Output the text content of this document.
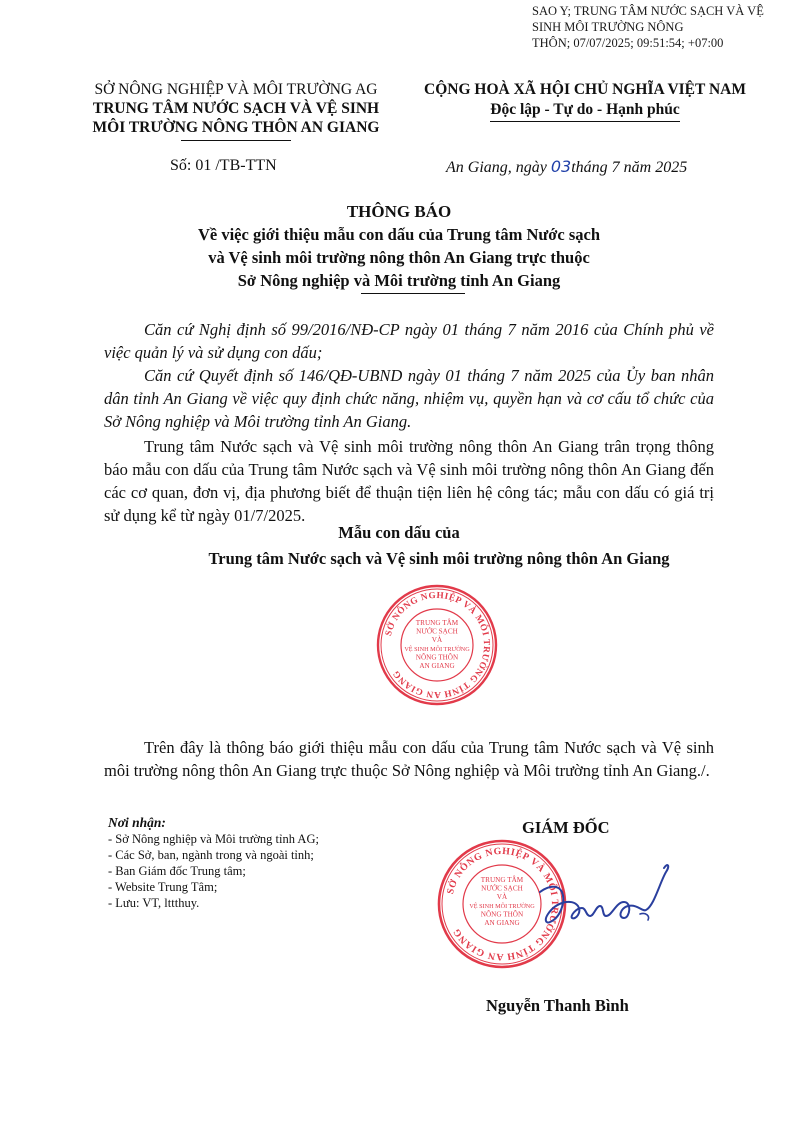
SAO Y; TRUNG TÂM NƯỚC SẠCH VÀ VỆ SINH MÔI TRƯỜNG NÔNG
THÔN; 07/07/2025; 09:51:54; +07:00
SỞ NÔNG NGHIỆP VÀ MÔI TRƯỜNG AG
TRUNG TÂM NƯỚC SẠCH VÀ VỆ SINH
MÔI TRƯỜNG NÔNG THÔN AN GIANG
CỘNG HOÀ XÃ HỘI CHỦ NGHĨA VIỆT NAM
Độc lập - Tự do - Hạnh phúc
Số: 01 /TB-TTN	An Giang, ngày 03tháng 7 năm 2025
THÔNG BÁO
Về việc giới thiệu mẫu con dấu của Trung tâm Nước sạch
và Vệ sinh môi trường nông thôn An Giang trực thuộc
Sở Nông nghiệp và Môi trường tỉnh An Giang
Căn cứ Nghị định số 99/2016/NĐ-CP ngày 01 tháng 7 năm 2016 của Chính phủ về việc quản lý và sử dụng con dấu;
Căn cứ Quyết định số 146/QĐ-UBND ngày 01 tháng 7 năm 2025 của Ủy ban nhân dân tỉnh An Giang về việc quy định chức năng, nhiệm vụ, quyền hạn và cơ cấu tổ chức của Sở Nông nghiệp và Môi trường tỉnh An Giang.
Trung tâm Nước sạch và Vệ sinh môi trường nông thôn An Giang trân trọng thông báo mẫu con dấu của Trung tâm Nước sạch và Vệ sinh môi trường nông thôn An Giang đến các cơ quan, đơn vị, địa phương biết để thuận tiện liên hệ công tác; mẫu con dấu có giá trị sử dụng kể từ ngày 01/7/2025.
Mẫu con dấu của
Trung tâm Nước sạch và Vệ sinh môi trường nông thôn An Giang
SỞ NÔNG NGHIỆP VÀ MÔI TRƯỜNG TỈNH AN GIANG
TRUNG TÂM
NƯỚC SẠCH
VÀ
VỆ SINH MÔI TRƯỜNG
NÔNG THÔN
AN GIANG
Trên đây là thông báo giới thiệu mẫu con dấu của Trung tâm Nước sạch và Vệ sinh môi trường nông thôn An Giang trực thuộc Sở Nông nghiệp và Môi trường tỉnh An Giang./.
Nơi nhận:
- Sở Nông nghiệp và Môi trường tỉnh AG;
- Các Sở, ban, ngành trong và ngoài tỉnh;
- Ban Giám đốc Trung tâm;
- Website Trung Tâm;
- Lưu: VT, lttthuy.
GIÁM ĐỐC
SỞ NÔNG NGHIỆP VÀ MÔI TRƯỜNG TỈNH AN GIANG
TRUNG TÂM
NƯỚC SẠCH
VÀ
VỆ SINH MÔI TRƯỜNG
NÔNG THÔN
AN GIANG
Nguyễn Thanh Bình
